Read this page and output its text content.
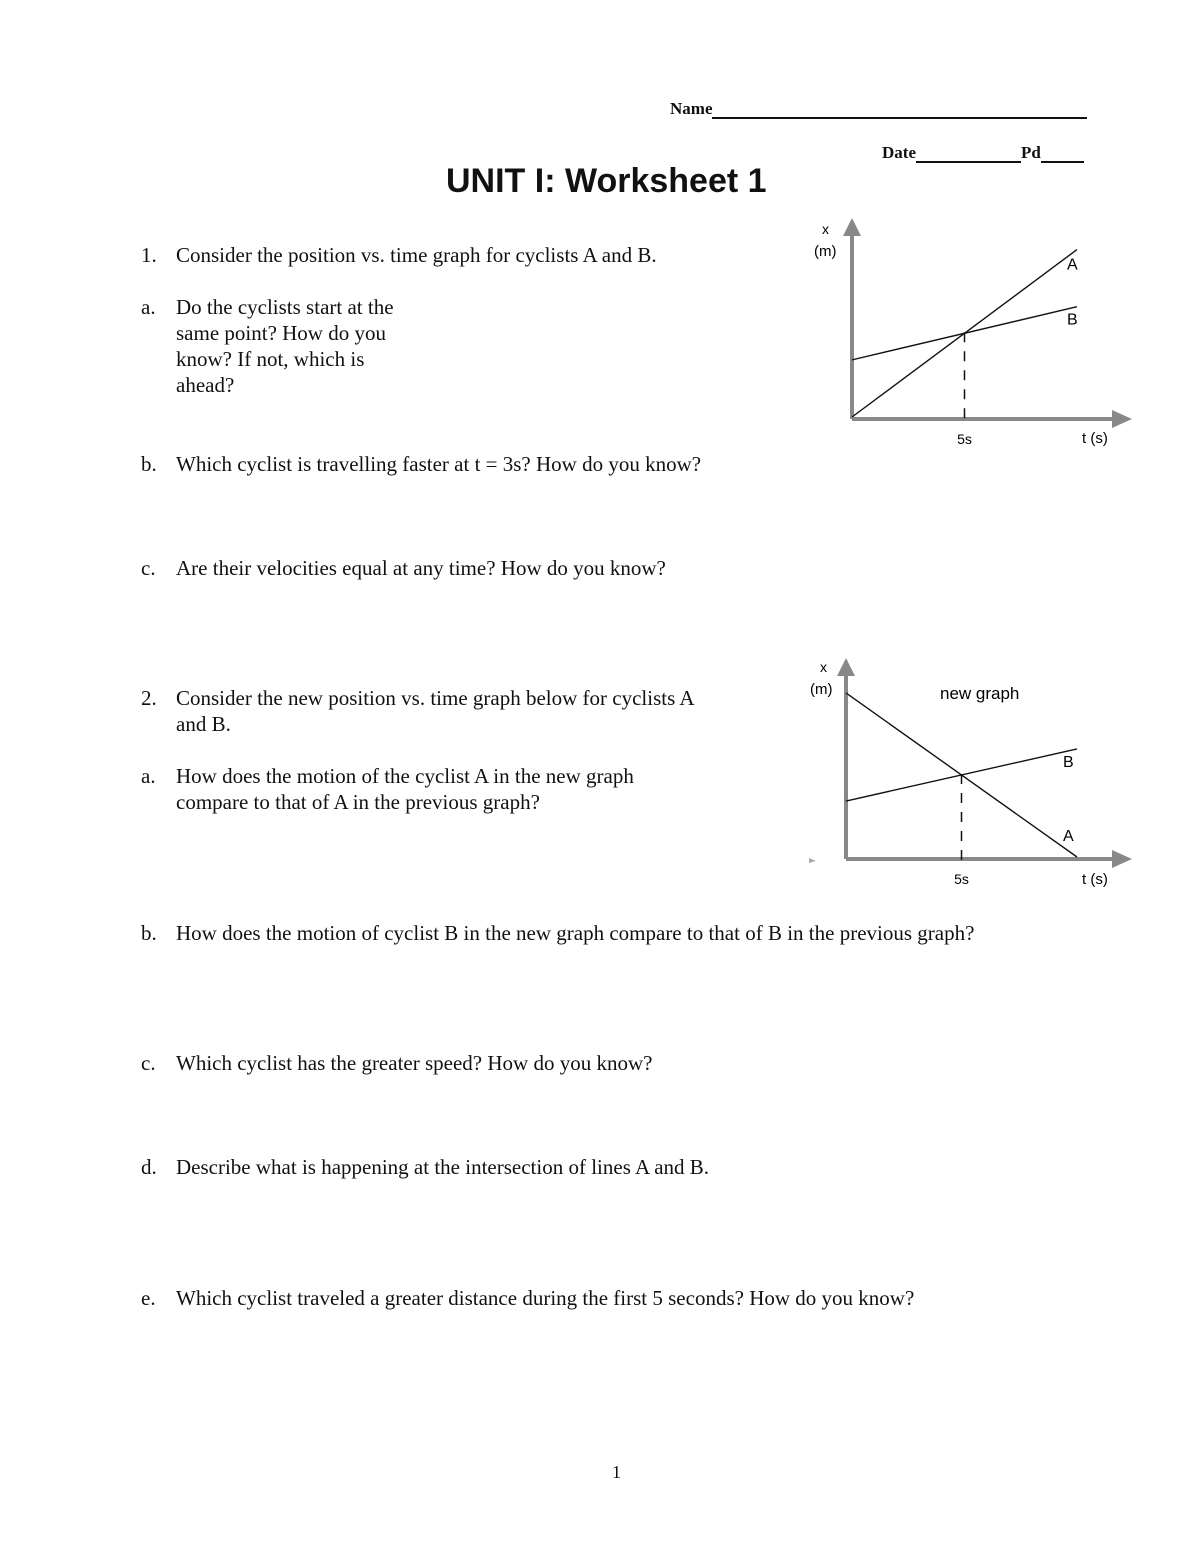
Name
Date	Pd
UNIT I: Worksheet 1
1. Consider the position vs. time graph for cyclists A and B.
a. Do the cyclists start at the
same point? How do you
know? If not, which is
ahead?
b. Which cyclist is travelling faster at t = 3s? How do you know?
c. Are their velocities equal at any time? How do you know?
2. Consider the new position vs. time graph below for cyclists A
and B.
a. How does the motion of the cyclist A in the new graph
compare to that of A in the previous graph?
b. How does the motion of cyclist B in the new graph compare to that of B in the previous graph?
c. Which cyclist has the greater speed? How do you know?
d. Describe what is happening at the intersection of lines A and B.
e. Which cyclist traveled a greater distance during the first 5 seconds? How do you know?
1
x
(m)
t (s)
A
B
5s
x
(m)	new graph
t (s)
A
B
5s
